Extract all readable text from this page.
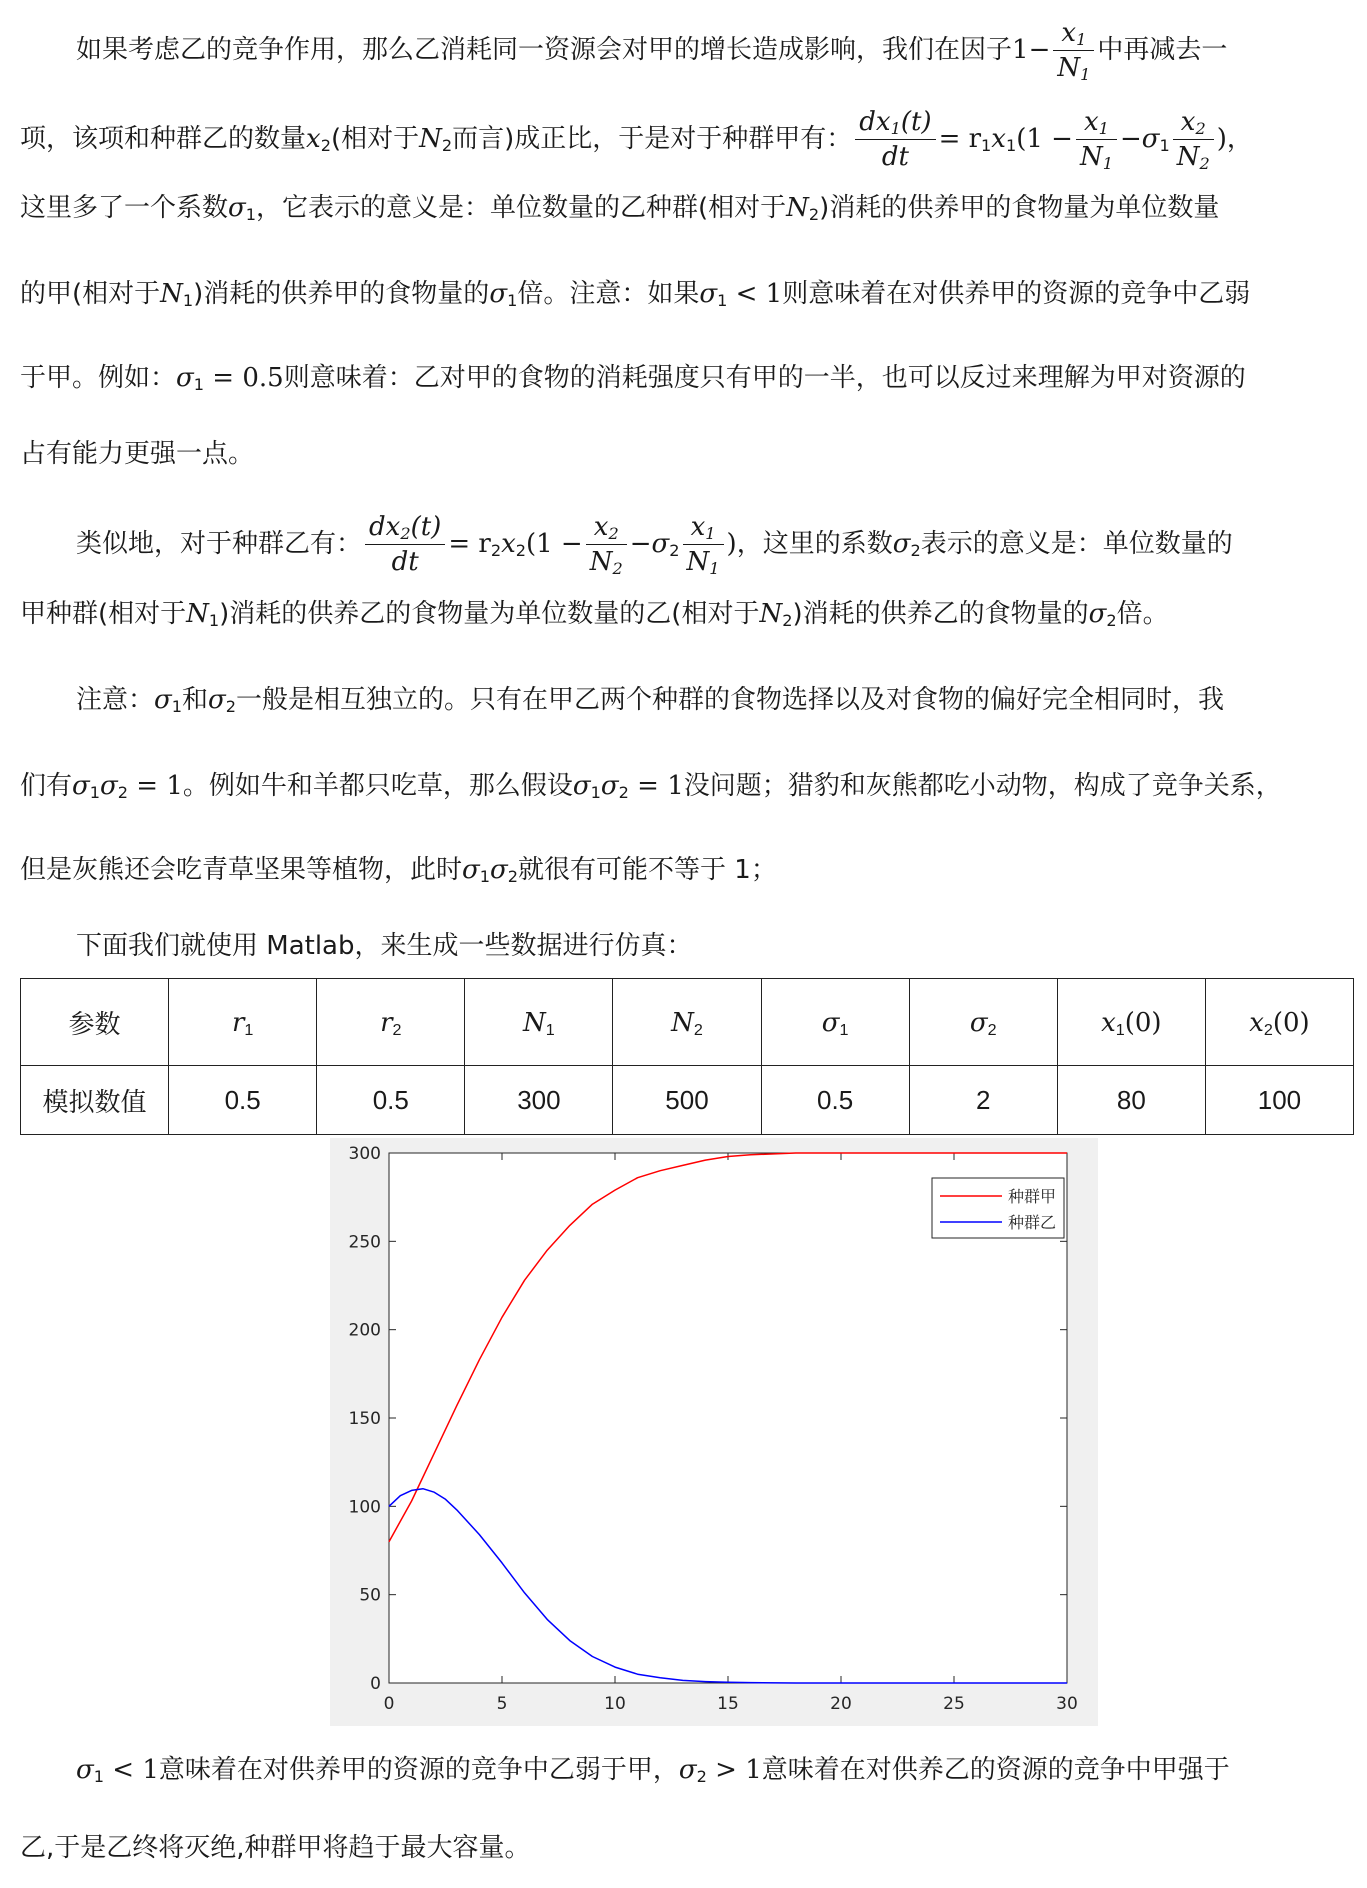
如果考虑乙的竞争作用，那么乙消耗同一资源会对甲的增长造成影响，我们在因子$1- \frac{x_1}{N_1}$ 中再减去一
项，该项和种群乙的数量$x_2$(相对于$N_2$而言)成正比，于是对于种群甲有： $\frac{dx_1(t)}{dt} = r_1x_1(1 - \frac{x_1}{N_1} -\sigma_1 \frac{x_2}{N_2}$ )，
这里多了一个系数$\sigma_1$，它表示的意义是：单位数量的乙种群(相对于$N_2$)消耗的供养甲的食物量为单位数量
的甲(相对于$N_1$)消耗的供养甲的食物量的$\sigma_1$倍。注意：如果$\sigma_1 < 1$则意味着在对供养甲的资源的竞争中乙弱
于甲。例如：$\sigma_1 = 0.5$则意味着：乙对甲的食物的消耗强度只有甲的一半，也可以反过来理解为甲对资源的
占有能力更强一点。
类似地，对于种群乙有： $\frac{dx_2(t)}{dt} = r_2x_2(1 - \frac{x_2}{N_2} -\sigma_2 \frac{x_1}{N_1}$ )，这里的系数$\sigma_2$表示的意义是：单位数量的
甲种群(相对于$N_1$)消耗的供养乙的食物量为单位数量的乙(相对于$N_2$)消耗的供养乙的食物量的$\sigma_2$倍。
注意：$\sigma_1$和$\sigma_2$一般是相互独立的。只有在甲乙两个种群的食物选择以及对食物的偏好完全相同时，我
们有$\sigma_1\sigma_2 = 1$。例如牛和羊都只吃草，那么假设$\sigma_1\sigma_2 = 1$没问题；猎豹和灰熊都吃小动物，构成了竞争关系，
但是灰熊还会吃青草坚果等植物，此时$\sigma_1\sigma_2$就很有可能不等于 1；
下面我们就使用 Matlab，来生成一些数据进行仿真：
参数	$r_1$	$r_2$	$N_1$	$N_2$	$\sigma_1$	$\sigma_2$	$x_1(0)$	$x_2(0)$
模拟数值	0.5	0.5	300	500	0.5	2	80	100
0	5	10	15	20	25	30
0
50
100
150
200
250
300
种群甲
种群乙
$\sigma_1 < 1$意味着在对供养甲的资源的竞争中乙弱于甲，$\sigma_2 > 1$意味着在对供养乙的资源的竞争中甲强于
乙,于是乙终将灭绝,种群甲将趋于最大容量。
